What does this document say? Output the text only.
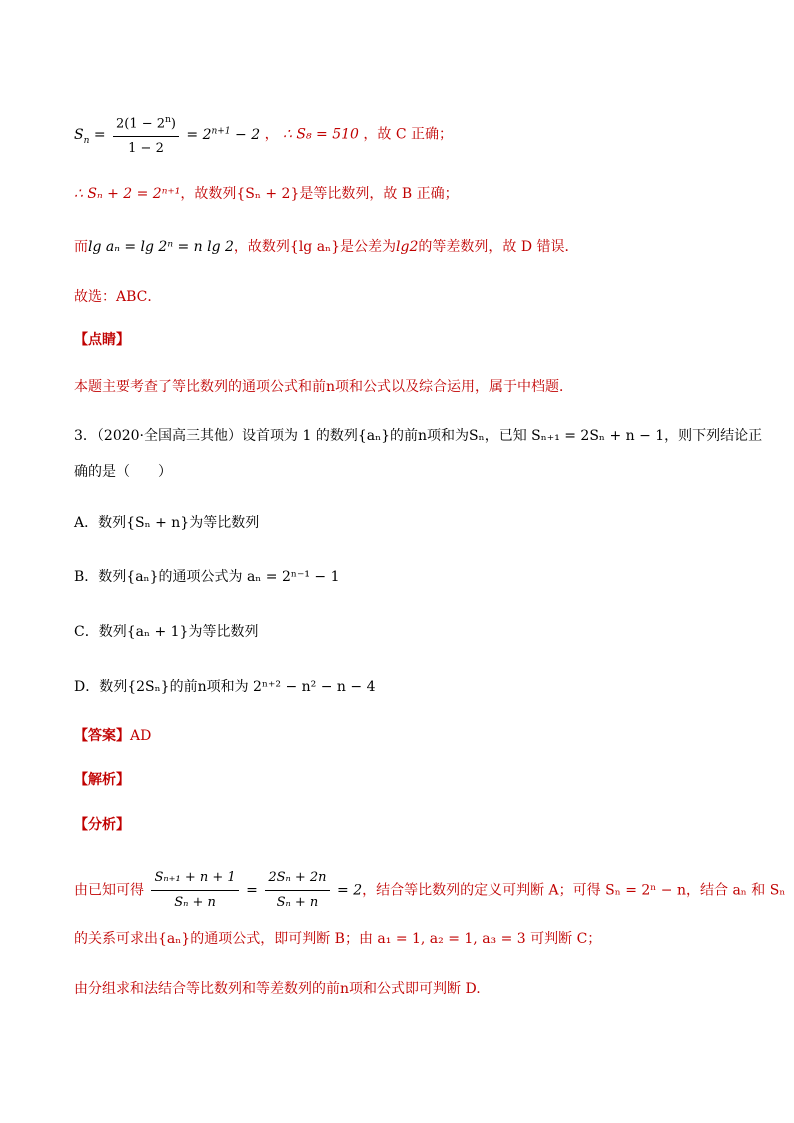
$S_n = \frac{2(1 - 2^n)}{1 - 2} = 2^{n+1} - 2$ ， ∴ S₈ = 510 ，故 C 正确；
∴ Sₙ + 2 = 2ⁿ⁺¹，故数列{Sₙ + 2}是等比数列，故 B 正确；
而lg aₙ = lg 2ⁿ = n lg 2，故数列{lg aₙ}是公差为lg2的等差数列，故 D 错误．
故选：ABC．
【点睛】
本题主要考查了等比数列的通项公式和前n项和公式以及综合运用，属于中档题．
3．（2020·全国高三其他）设首项为 1 的数列{aₙ}的前n项和为Sₙ，已知 Sₙ₊₁ = 2Sₙ + n − 1，则下列结论正
确的是（　　）
A．数列{Sₙ + n}为等比数列
B．数列{aₙ}的通项公式为 aₙ = 2ⁿ⁻¹ − 1
C．数列{aₙ + 1}为等比数列
D．数列{2Sₙ}的前n项和为 2ⁿ⁺² − n² − n − 4
【答案】AD
【解析】
【分析】
由已知可得 $\frac{\text{Sₙ₊₁ + n + 1}}{\text{Sₙ + n}} = \frac{\text{2Sₙ + 2n}}{\text{Sₙ + n}} = 2$，结合等比数列的定义可判断 A；可得 Sₙ = 2ⁿ − n，结合 aₙ 和 Sₙ
的关系可求出{aₙ}的通项公式，即可判断 B；由 a₁ = 1, a₂ = 1, a₃ = 3 可判断 C；
由分组求和法结合等比数列和等差数列的前n项和公式即可判断 D.
